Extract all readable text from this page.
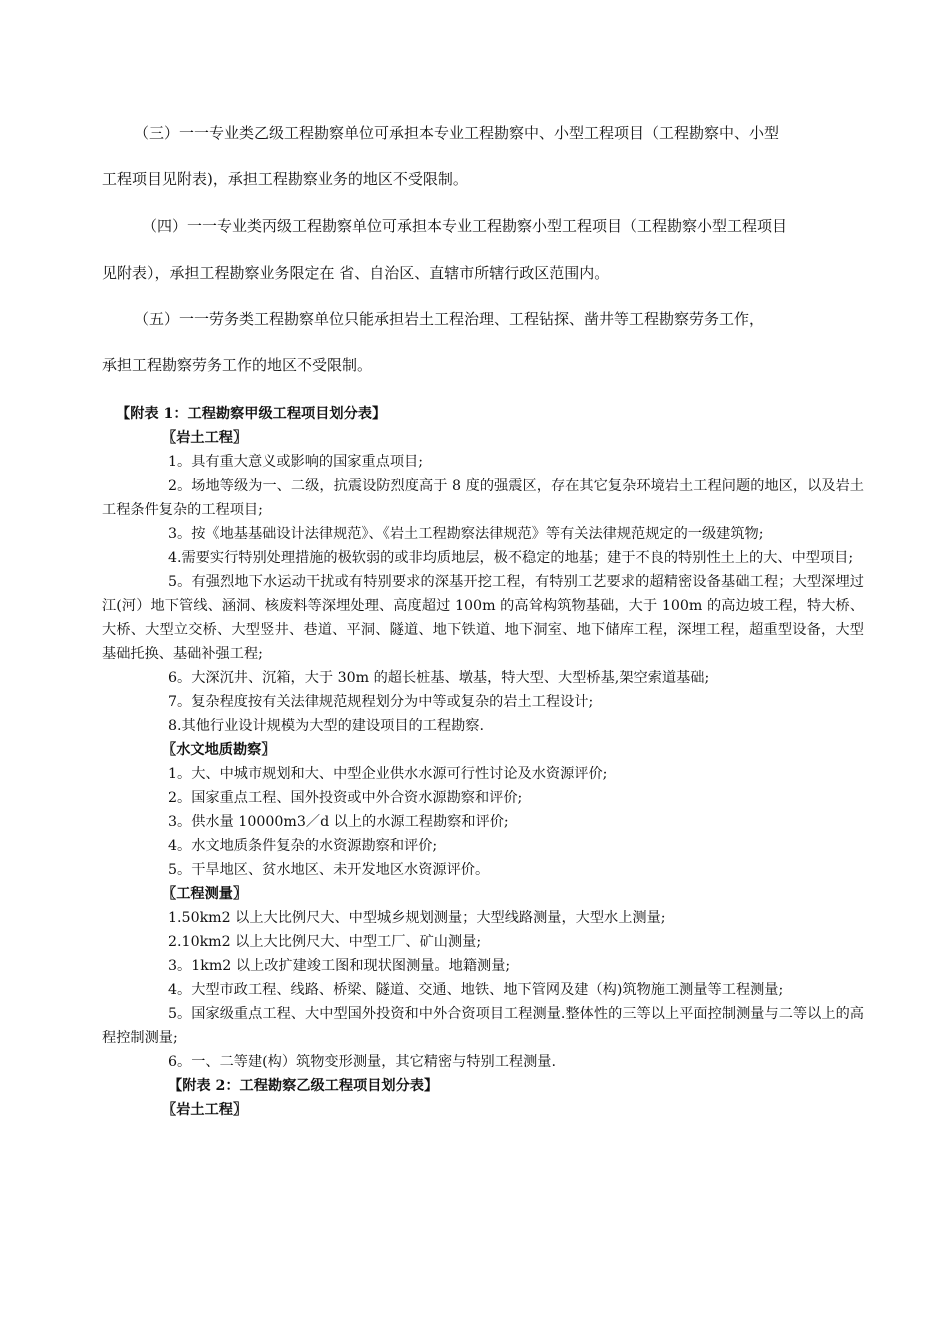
（三）一一专业类乙级工程勘察单位可承担本专业工程勘察中、小型工程项目（工程勘察中、小型
工程项目见附表)，承担工程勘察业务的地区不受限制。
（四）一一专业类丙级工程勘察单位可承担本专业工程勘察小型工程项目（工程勘察小型工程项目
见附表），承担工程勘察业务限定在 省、自治区、直辖市所辖行政区范围内。
（五）一一劳务类工程勘察单位只能承担岩土工程治理、工程钻探、凿井等工程勘察劳务工作，
承担工程勘察劳务工作的地区不受限制。

【附表 1：工程勘察甲级工程项目划分表】

〖岩土工程〗

1。具有重大意义或影响的国家重点项目;

2。场地等级为一、二级，抗震设防烈度高于 8 度的强震区，存在其它复杂环境岩土工程问题的地区，以及岩土工程条件复杂的工程项目;

3。按《地基基础设计法律规范》、《岩土工程勘察法律规范》等有关法律规范规定的一级建筑物;

4.需要实行特别处理措施的极软弱的或非均质地层，极不稳定的地基；建于不良的特别性土上的大、中型项目;

5。有强烈地下水运动干扰或有特别要求的深基开挖工程，有特别工艺要求的超精密设备基础工程；大型深埋过江(河）地下管线、涵洞、核废料等深埋处理、高度超过 100m 的高耸构筑物基础，大于 100m 的高边坡工程，特大桥、大桥、大型立交桥、大型竖井、巷道、平洞、隧道、地下铁道、地下洞室、地下储库工程，深埋工程，超重型设备，大型基础托换、基础补强工程;

6。大深沉井、沉箱，大于 30m 的超长桩基、墩基，特大型、大型桥基,架空索道基础;

7。复杂程度按有关法律规范规程划分为中等或复杂的岩土工程设计;

8.其他行业设计规模为大型的建设项目的工程勘察.

〖水文地质勘察〗

1。大、中城市规划和大、中型企业供水水源可行性讨论及水资源评价;

2。国家重点工程、国外投资或中外合资水源勘察和评价;

3。供水量 10000m3／d 以上的水源工程勘察和评价;

4。水文地质条件复杂的水资源勘察和评价;

5。干旱地区、贫水地区、未开发地区水资源评价。

〖工程测量〗

1.50km2 以上大比例尺大、中型城乡规划测量；大型线路测量，大型水上测量;

2.10km2 以上大比例尺大、中型工厂、矿山测量;

3。1km2 以上改扩建竣工图和现状图测量。地籍测量;

4。大型市政工程、线路、桥梁、隧道、交通、地铁、地下管网及建（构)筑物施工测量等工程测量;

5。国家级重点工程、大中型国外投资和中外合资项目工程测量.整体性的三等以上平面控制测量与二等以上的高程控制测量;

6。一、二等建(构）筑物变形测量，其它精密与特别工程测量.

【附表 2：工程勘察乙级工程项目划分表】

〖岩土工程〗
